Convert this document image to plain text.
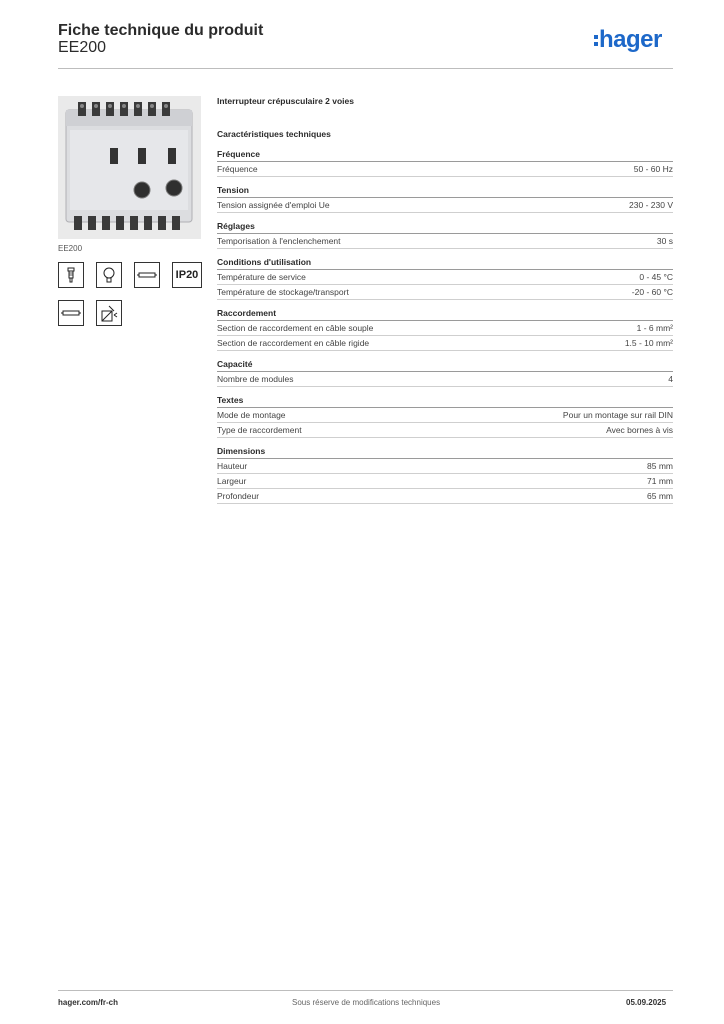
Fiche technique du produit
EE200	hager
EE200
IP20
Interrupteur crépusculaire 2 voies
Caractéristiques techniques
Fréquence
Fréquence	50 - 60 Hz
Tension
Tension assignée d'emploi Ue	230 - 230 V
Réglages
Temporisation à l'enclenchement	30 s
Conditions d'utilisation
Température de service	0 - 45 °C
Température de stockage/transport	-20 - 60 °C
Raccordement
Section de raccordement en câble souple	1 - 6 mm²
Section de raccordement en câble rigide	1.5 - 10 mm²
Capacité
Nombre de modules	4
Textes
Mode de montage	Pour un montage sur rail DIN
Type de raccordement	Avec bornes à vis
Dimensions
Hauteur	85 mm
Largeur	71 mm
Profondeur	65 mm
hager.com/fr-ch	Sous réserve de modifications techniques	05.09.2025
